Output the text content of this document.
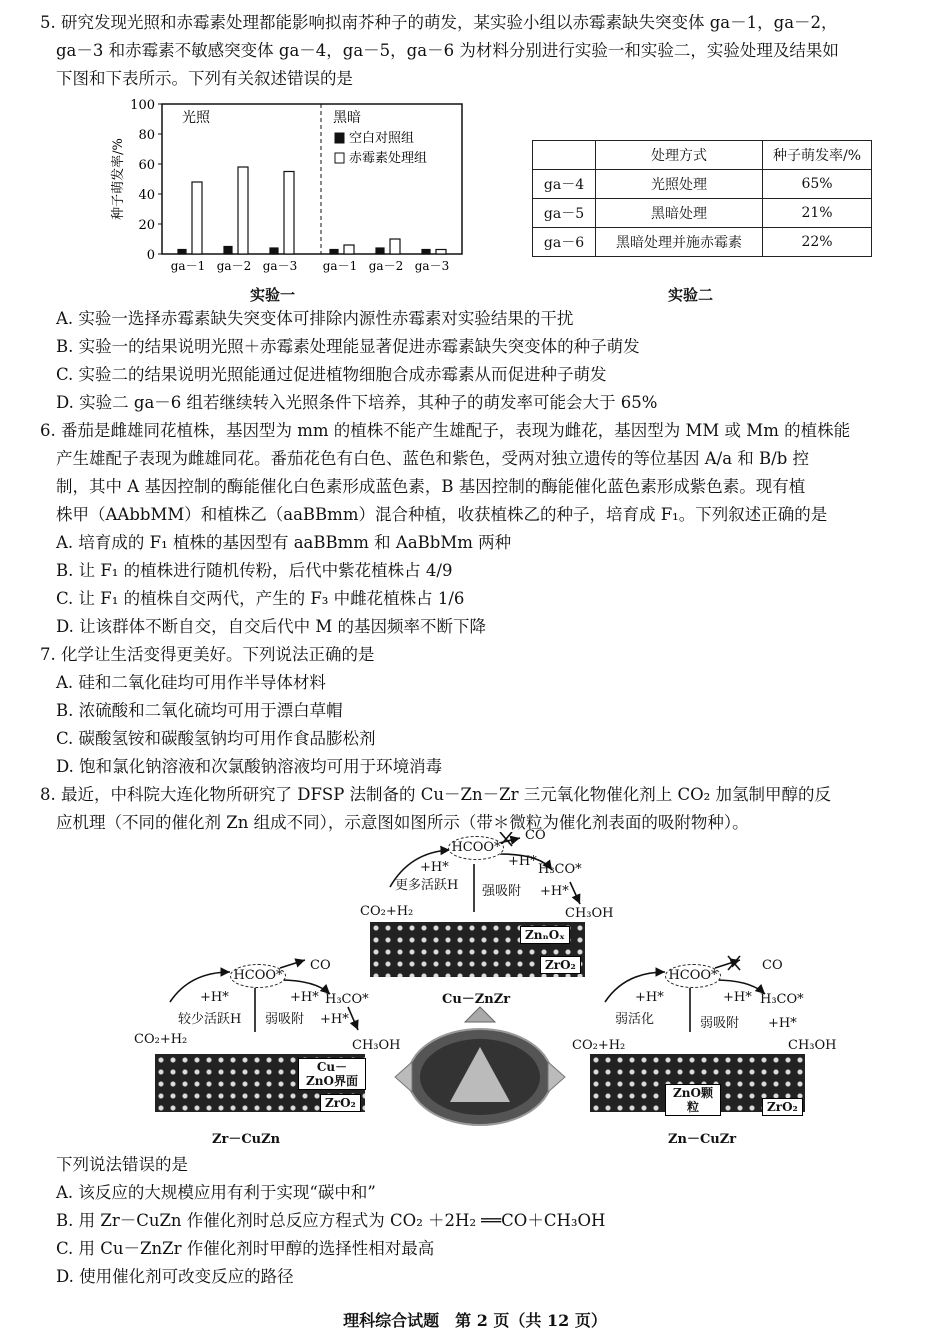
5. 研究发现光照和赤霉素处理都能影响拟南芥种子的萌发，某实验小组以赤霉素缺失突变体 ga－1，ga－2，
ga－3 和赤霉素不敏感突变体 ga－4，ga－5，ga－6 为材料分别进行实验一和实验二，实验处理及结果如
下图和下表所示。下列有关叙述错误的是
0
20
40
60
80
100
种子萌发率/%
光照	黑暗
空白对照组
赤霉素处理组
ga－1 ga－2 ga－3 ga－1 ga－2 ga－3
实验一
	处理方式	种子萌发率/%
ga－4	光照处理	65%
ga－5	黑暗处理	21%
ga－6	黑暗处理并施赤霉素	22%
实验二
A. 实验一选择赤霉素缺失突变体可排除内源性赤霉素对实验结果的干扰
B. 实验一的结果说明光照＋赤霉素处理能显著促进赤霉素缺失突变体的种子萌发
C. 实验二的结果说明光照能通过促进植物细胞合成赤霉素从而促进种子萌发
D. 实验二 ga－6 组若继续转入光照条件下培养，其种子的萌发率可能会大于 65%
6. 番茄是雌雄同花植株，基因型为 mm 的植株不能产生雄配子，表现为雌花，基因型为 MM 或 Mm 的植株能
产生雄配子表现为雌雄同花。番茄花色有白色、蓝色和紫色，受两对独立遗传的等位基因 A/a 和 B/b 控
制，其中 A 基因控制的酶能催化白色素形成蓝色素，B 基因控制的酶能催化蓝色素形成紫色素。现有植
株甲（AAbbMM）和植株乙（aaBBmm）混合种植，收获植株乙的种子，培育成 F₁。下列叙述正确的是
A. 培育成的 F₁ 植株的基因型有 aaBBmm 和 AaBbMm 两种
B. 让 F₁ 的植株进行随机传粉，后代中紫花植株占 4/9
C. 让 F₁ 的植株自交两代，产生的 F₃ 中雌花植株占 1/6
D. 让该群体不断自交，自交后代中 M 的基因频率不断下降
7. 化学让生活变得更美好。下列说法正确的是
A. 硅和二氧化硅均可用作半导体材料
B. 浓硫酸和二氧化硫均可用于漂白草帽
C. 碳酸氢铵和碳酸氢钠均可用作食品膨松剂
D. 饱和氯化钠溶液和次氯酸钠溶液均可用于环境消毒
8. 最近，中科院大连化物所研究了 DFSP 法制备的 Cu－Zn－Zr 三元氧化物催化剂上 CO₂ 加氢制甲醇的反
应机理（不同的催化剂 Zn 组成不同），示意图如图所示（带＊微粒为催化剂表面的吸附物种）。
HCOO*
CO
+H*	+H*
H₃CO*
+H*
更多活跃H 强吸附
CO₂+H₂	CH₃OH
ZnₙOₓ
ZrO₂
Cu－ZnZr
HCOO*
CO
+H*	+H* H₃CO*
+H*
较少活跃H 弱吸附
CO₂+H₂	CH₃OH
Cu－ZnO界面
ZrO₂
Zr－CuZn
HCOO*
CO
+H*	+H* H₃CO*
+H*
弱活化	弱吸附
CO₂+H₂	CH₃OH
ZnO颗粒	ZrO₂
Zn－CuZr
下列说法错误的是
A. 该反应的大规模应用有利于实现“碳中和”
B. 用 Zr－CuZn 作催化剂时总反应方程式为 CO₂ ＋2H₂ ══CO＋CH₃OH
C. 用 Cu－ZnZr 作催化剂时甲醇的选择性相对最高
D. 使用催化剂可改变反应的路径
理科综合试题　第 2 页（共 12 页）
